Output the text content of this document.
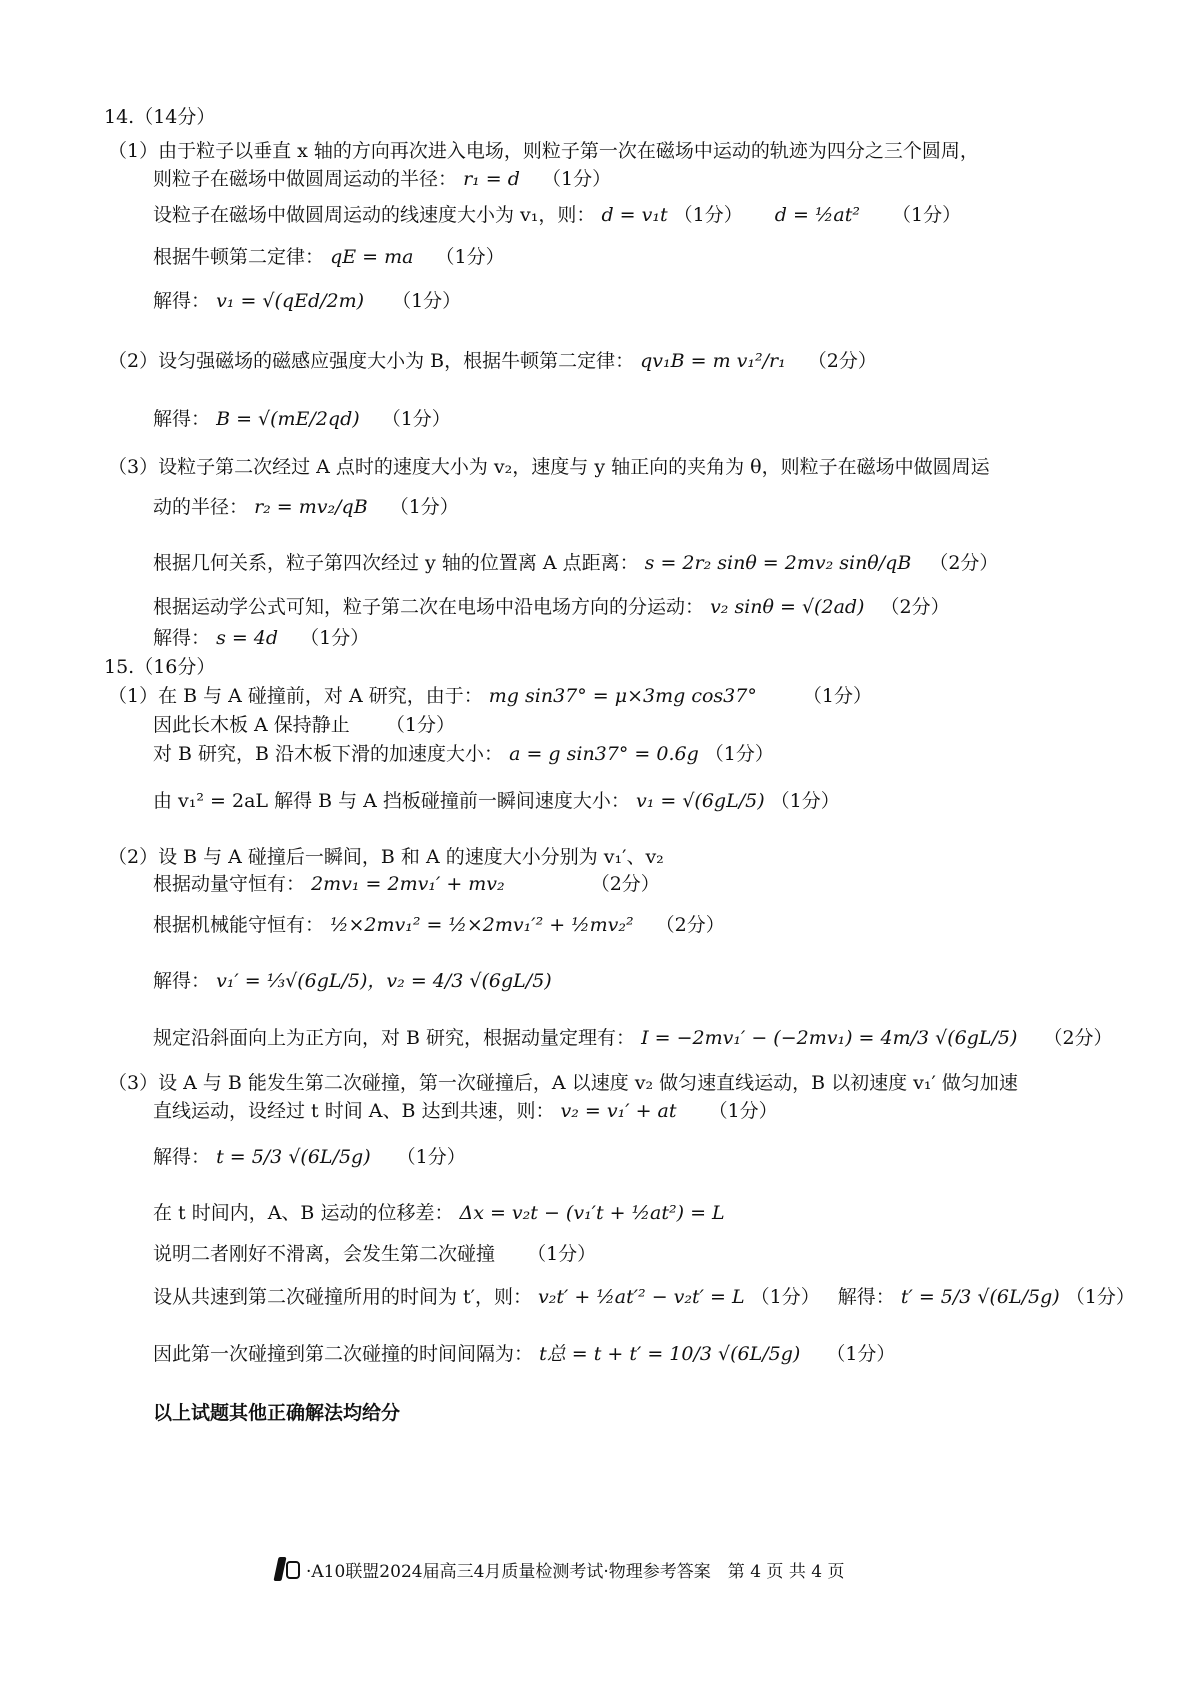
14.（14分）
（1）由于粒子以垂直 x 轴的方向再次进入电场，则粒子第一次在磁场中运动的轨迹为四分之三个圆周，
则粒子在磁场中做圆周运动的半径： r₁ = d （1分）
设粒子在磁场中做圆周运动的线速度大小为 v₁，则： d = v₁t （1分） d = ½at² （1分）
根据牛顿第二定律： qE = ma （1分）
解得： v₁ = √(qEd/2m) （1分）
（2）设匀强磁场的磁感应强度大小为 B，根据牛顿第二定律： qv₁B = m v₁²/r₁ （2分）
解得： B = √(mE/2qd) （1分）
（3）设粒子第二次经过 A 点时的速度大小为 v₂，速度与 y 轴正向的夹角为 θ，则粒子在磁场中做圆周运
动的半径： r₂ = mv₂/qB （1分）
根据几何关系，粒子第四次经过 y 轴的位置离 A 点距离： s = 2r₂ sinθ = 2mv₂ sinθ/qB （2分）
根据运动学公式可知，粒子第二次在电场中沿电场方向的分运动： v₂ sinθ = √(2ad) （2分）
解得： s = 4d （1分）
15.（16分）
（1）在 B 与 A 碰撞前，对 A 研究，由于： mg sin37° = μ×3mg cos37° （1分）
因此长木板 A 保持静止 （1分）
对 B 研究，B 沿木板下滑的加速度大小： a = g sin37° = 0.6g （1分）
由 v₁² = 2aL 解得 B 与 A 挡板碰撞前一瞬间速度大小： v₁ = √(6gL/5) （1分）
（2）设 B 与 A 碰撞后一瞬间，B 和 A 的速度大小分别为 v₁′、v₂
根据动量守恒有： 2mv₁ = 2mv₁′ + mv₂	（2分）
根据机械能守恒有： ½×2mv₁² = ½×2mv₁′² + ½mv₂² （2分）
解得： v₁′ = ⅓√(6gL/5)，v₂ = 4/3 √(6gL/5)
规定沿斜面向上为正方向，对 B 研究，根据动量定理有： I = −2mv₁′ − (−2mv₁) = 4m/3 √(6gL/5) （2分）
（3）设 A 与 B 能发生第二次碰撞，第一次碰撞后，A 以速度 v₂ 做匀速直线运动，B 以初速度 v₁′ 做匀加速
直线运动，设经过 t 时间 A、B 达到共速，则： v₂ = v₁′ + at （1分）
解得： t = 5/3 √(6L/5g) （1分）
在 t 时间内，A、B 运动的位移差： Δx = v₂t − (v₁′t + ½at²) = L
说明二者刚好不滑离，会发生第二次碰撞 （1分）
设从共速到第二次碰撞所用的时间为 t′，则： v₂t′ + ½at′² − v₂t′ = L （1分） 解得： t′ = 5/3 √(6L/5g) （1分）
因此第一次碰撞到第二次碰撞的时间间隔为： t总 = t + t′ = 10/3 √(6L/5g) （1分）
以上试题其他正确解法均给分
·A10联盟2024届高三4月质量检测考试·物理参考答案　第 4 页 共 4 页
